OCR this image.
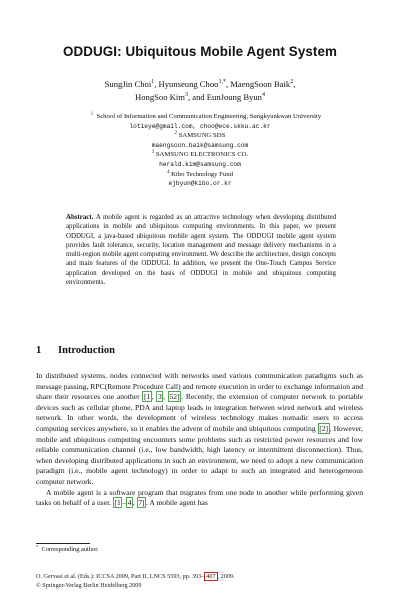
ODDUGI: Ubiquitous Mobile Agent System
SungJin Choi$^1$, Hyunseung Choo$^{1,*}$, MaengSoon Baik$^2$,
HongSoo Kim$^3$, and EunJoung Byun$^4$
$^1$ School of Information and Communication Engineering, Sungkyunkwan University
lotieye@gmail.com, choo@ece.skku.ac.kr
$^2$ SAMSUNG SDS
maengsoon.baik@samsung.com
$^3$ SAMSUNG ELECTRONICS CO.
herald.kim@samsung.com
$^4$ Kibo Technology Fund
ejbyun@kibo.or.kr
Abstract. A mobile agent is regarded as an attractive technology when developing distributed applications in mobile and ubiquitous computing environments. In this paper, we present ODDUGI, a java-based ubiquitous mobile agent system. The ODDUGI mobile agent system provides fault tolerance, security, location management and message delivery mechanisms in a multi-region mobile agent computing environment. We describe the architecture, design concepts and main features of the ODDUGI. In addition, we present the One-Touch Campus Service application developed on the basis of ODDUGI in mobile and ubiquitous computing environments.
1 Introduction

In distributed systems, nodes connected with networks used various communication paradigms such as message passing, RPC(Remote Procedure Call) and remote execution in order to exchange information and share their resources one another [1 , 3 , 52] . Recently, the extension of computer network to portable devices such as cellular phone, PDA and laptop leads to integration between wired network and wireless network. In other words, the development of wireless technology makes nomadic users to access computing services anywhere, so it enables the advent of mobile and ubiquitous computing [2] . However, mobile and ubiquitous computing encounters some problems such as restricted power resources and low reliable communication channel (i.e., low bandwidth, high latency or intermittent disconnection). Thus, when developing distributed applications in such an environment, we need to adopt a new communication paradigm (i.e., mobile agent technology) in order to adapt to such an integrated and heterogeneous computer network.

A mobile agent is a software program that migrates from one node to another while performing given tasks on behalf of a user. [1 – 4 , 7] . A mobile agent has

* Corresponding author.
O. Gervasi et al. (Eds.): ICCSA 2009, Part II, LNCS 5593, pp. 393– 407 , 2009.
© Springer-Verlag Berlin Heidelberg 2009
